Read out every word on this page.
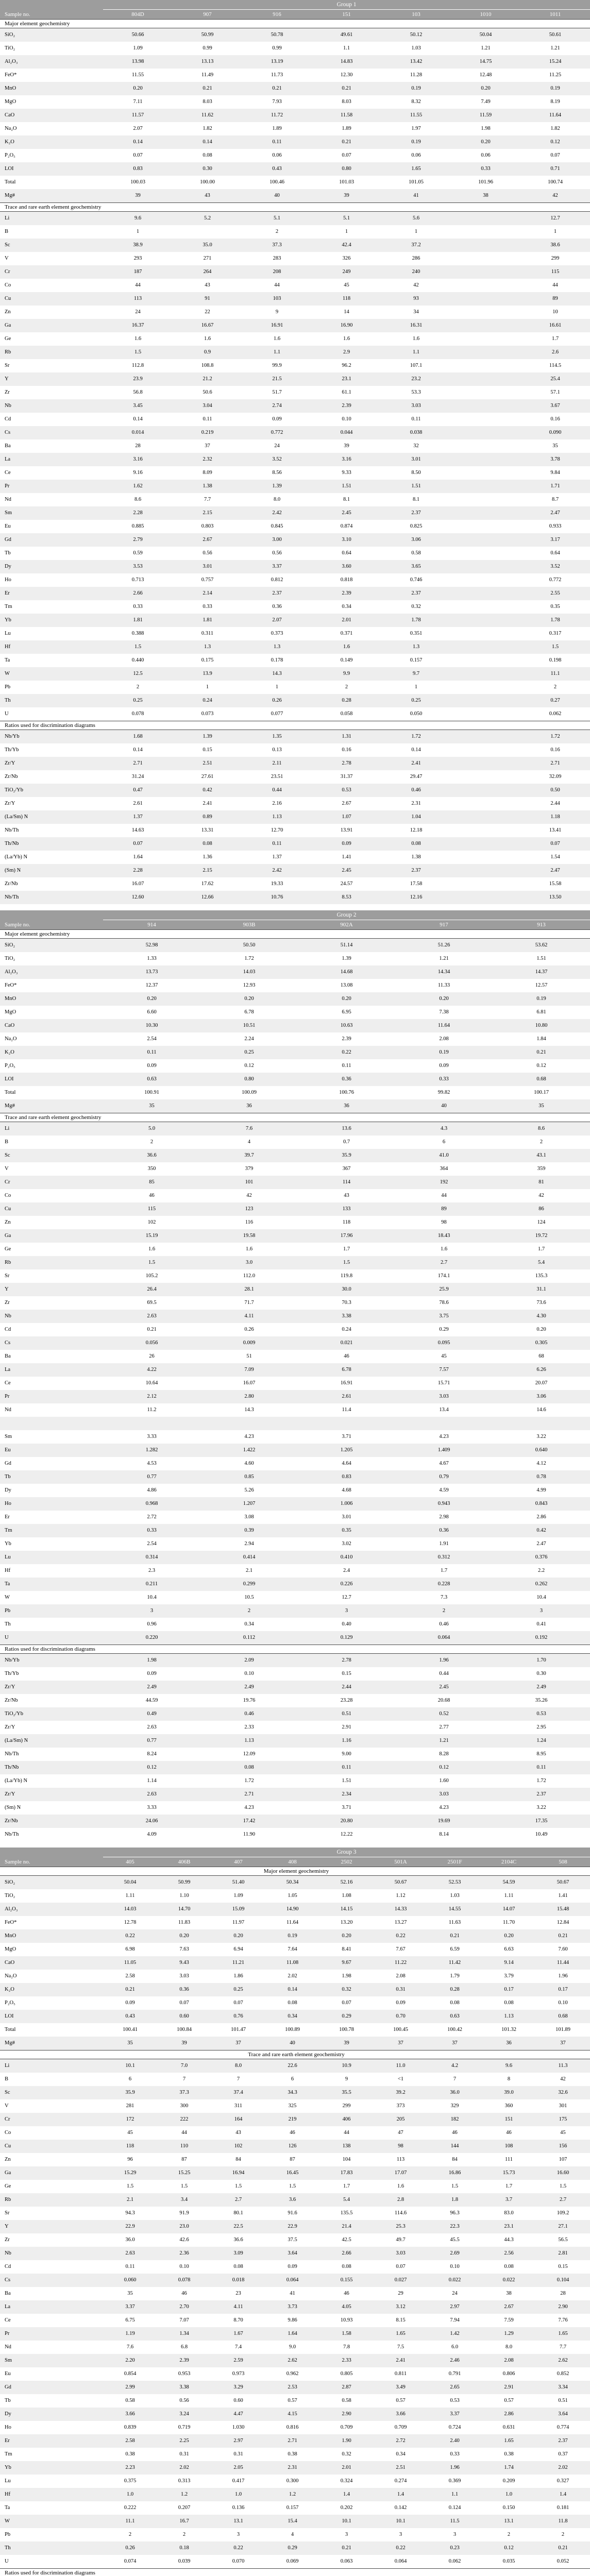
	Group 1						
Sample no.	804D	907	916	151	103	1010	1011
Major element geochemistry							
SiO₂	50.66	50.99	50.78	49.61	50.12	50.04	50.61
TiO₂	1.09	0.99	0.99	1.1	1.03	1.21	1.21
Al₂O₃	13.98	13.13	13.19	14.83	13.42	14.75	15.24
FeO*	11.55	11.49	11.73	12.30	11.28	12.48	11.25
MnO	0.20	0.21	0.21	0.21	0.19	0.20	0.19
MgO	7.11	8.03	7.93	8.03	8.32	7.49	8.19
CaO	11.57	11.62	11.72	11.58	11.55	11.59	11.64
Na₂O	2.07	1.82	1.89	1.89	1.97	1.98	1.82
K₂O	0.14	0.14	0.11	0.21	0.19	0.20	0.12
P₂O₅	0.07	0.08	0.06	0.07	0.06	0.06	0.07
LOI	0.83	0.30	0.43	0.80	1.65	0.33	0.71
Total	100.03	100.00	100.46	101.03	101.05	101.96	100.74
Mg#	39	43	40	39	41	38	42
Trace and rare earth element geochemistry							
Li	9.6	5.2	5.1	5.1	5.6		12.7
B	1		2	1	1		1
Sc	38.9	35.0	37.3	42.4	37.2		38.6
V	293	271	283	326	286		299
Cr	187	264	208	249	240		115
Co	44	43	44	45	42		44
Cu	113	91	103	118	93		89
Zn	24	22	9	14	34		10
Ga	16.37	16.67	16.91	16.90	16.31		16.61
Ge	1.6	1.6	1.6	1.6	1.6		1.7
Rb	1.5	0.9	1.1	2.9	1.1		2.6
Sr	112.8	108.8	99.9	96.2	107.1		114.5
Y	23.9	21.2	21.5	23.1	23.2		25.4
Zr	56.8	50.6	51.7	61.1	53.3		57.1
Nb	3.45	3.04	2.74	2.39	3.03		3.67
Cd	0.14	0.11	0.09	0.10	0.11		0.16
Cs	0.014	0.219	0.772	0.044	0.038		0.090
Ba	28	37	24	39	32		35
La	3.16	2.32	3.52	3.16	3.01		3.78
Ce	9.16	8.09	8.56	9.33	8.50		9.84
Pr	1.62	1.38	1.39	1.51	1.51		1.71
Nd	8.6	7.7	8.0	8.1	8.1		8.7
Sm	2.28	2.15	2.42	2.45	2.37		2.47
Eu	0.885	0.803	0.845	0.874	0.825		0.933
Gd	2.79	2.67	3.00	3.10	3.06		3.17
Tb	0.59	0.56	0.56	0.64	0.58		0.64
Dy	3.53	3.01	3.37	3.60	3.65		3.52
Ho	0.713	0.757	0.812	0.818	0.746		0.772
Er	2.66	2.14	2.37	2.39	2.37		2.55
Tm	0.33	0.33	0.36	0.34	0.32		0.35
Yb	1.81	1.81	2.07	2.01	1.78		1.78
Lu	0.388	0.311	0.373	0.371	0.351		0.317
Hf	1.5	1.3	1.3	1.6	1.3		1.5
Ta	0.440	0.175	0.178	0.149	0.157		0.198
W	12.5	13.9	14.3	9.9	9.7		11.1
Pb	2	1	1	2	1		2
Th	0.25	0.24	0.26	0.28	0.25		0.27
U	0.078	0.073	0.077	0.058	0.050		0.062
Ratios used for discrimination diagrams							
Nb/Yb	1.68	1.39	1.35	1.31	1.72		1.72
Th/Yb	0.14	0.15	0.13	0.16	0.14		0.16
Zr/Y	2.71	2.51	2.11	2.78	2.41		2.71
Zr/Nb	31.24	27.61	23.51	31.37	29.47		32.09
TiO₂/Yb	0.47	0.42	0.44	0.53	0.46		0.50
Zr/Y	2.61	2.41	2.16	2.67	2.31		2.44
(La/Sm) N	1.37	0.89	1.13	1.07	1.04		1.18
Nb/Th	14.63	13.31	12.70	13.91	12.18		13.41
Th/Nb	0.07	0.08	0.11	0.09	0.08		0.07
(La/Yb) N	1.64	1.36	1.37	1.41	1.38		1.54
(Sm) N	2.28	2.15	2.42	2.45	2.37		2.47
Zr/Nb	16.07	17.62	19.33	24.57	17.58		15.58
Nb/Th	12.60	12.66	10.76	8.53	12.16		13.50

	Group 2				
Sample no.	914	903B	902A	917	913
Major element geochemistry					
SiO₂	52.98	50.50	51.14	51.26	53.62
TiO₂	1.33	1.72	1.39	1.21	1.51
Al₂O₃	13.73	14.03	14.68	14.34	14.37
FeO*	12.37	12.93	13.08	11.33	12.57
MnO	0.20	0.20	0.20	0.20	0.19
MgO	6.60	6.78	6.95	7.38	6.81
CaO	10.30	10.51	10.63	11.64	10.80
Na₂O	2.54	2.24	2.39	2.08	1.84
K₂O	0.11	0.25	0.22	0.19	0.21
P₂O₅	0.09	0.12	0.11	0.09	0.12
LOI	0.63	0.80	0.36	0.33	0.68
Total	100.91	100.09	100.76	99.82	100.17
Mg#	35	36	36	40	35
Trace and rare earth element geochemistry					
Li	5.0	7.6	13.6	4.3	8.6
B	2	4	0.7	6	2
Sc	36.6	39.7	35.9	41.0	43.1
V	350	379	367	364	359
Cr	85	101	114	192	81
Co	46	42	43	44	42
Cu	115	123	133	89	86
Zn	102	116	118	98	124
Ga	15.19	19.58	17.96	18.43	19.72
Ge	1.6	1.6	1.7	1.6	1.7
Rb	1.5	3.0	1.5	2.7	5.4
Sr	105.2	112.0	119.8	174.1	135.3
Y	26.4	28.1	30.0	25.9	31.1
Zr	69.5	71.7	70.3	78.6	73.6
Nb	2.63	4.11	3.38	3.75	4.30
Cd	0.21	0.26	0.24	0.29	0.20
Cs	0.056	0.009	0.021	0.095	0.305
Ba	26	51	46	45	68
La	4.22	7.09	6.78	7.57	6.26
Ce	10.64	16.07	16.91	15.71	20.07
Pr	2.12	2.80	2.61	3.03	3.06
Nd	11.2	14.3	11.4	13.4	14.6

Sm	3.33	4.23	3.71	4.23	3.22
Eu	1.282	1.422	1.205	1.409	0.640
Gd	4.53	4.60	4.64	4.67	4.12
Tb	0.77	0.85	0.83	0.79	0.78
Dy	4.86	5.26	4.68	4.59	4.99
Ho	0.968	1.207	1.006	0.943	0.843
Er	2.72	3.08	3.01	2.98	2.86
Tm	0.33	0.39	0.35	0.36	0.42
Yb	2.54	2.94	3.02	1.91	2.47
Lu	0.314	0.414	0.410	0.312	0.376
Hf	2.3	2.1	2.4	1.7	2.2
Ta	0.211	0.299	0.226	0.228	0.262
W	10.4	10.5	12.7	7.3	10.4
Pb	3	2	3	2	3
Th	0.96	0.34	0.40	0.46	0.41
U	0.220	0.112	0.129	0.064	0.192
Ratios used for discrimination diagrams					
Nb/Yb	1.98	2.09	2.78	1.96	1.70
Th/Yb	0.09	0.10	0.15	0.44	0.30
Zr/Y	2.49	2.49	2.44	2.45	2.49
Zr/Nb	44.59	19.76	23.28	20.68	35.26
TiO₂/Yb	0.49	0.46	0.51	0.52	0.53
Zr/Y	2.63	2.33	2.91	2.77	2.95
(La/Sm) N	0.77	1.13	1.16	1.21	1.24
Nb/Th	8.24	12.09	9.00	8.28	8.95
Th/Nb	0.12	0.08	0.11	0.12	0.11
(La/Yb) N	1.14	1.72	1.51	1.60	1.72
Zr/Y	2.63	2.71	2.34	3.03	2.37
(Sm) N	3.33	4.23	3.71	4.23	3.22
Zr/Nb	24.06	17.42	20.80	19.69	17.35
Nb/Th	4.09	11.90	12.22	8.14	10.49

	Group 3								
Sample no.	405	406B	407	408	2502	501A	2501F	2104C	508
Major element geochemistry									
SiO₂	50.04	50.99	51.40	50.34	52.16	50.67	52.53	54.59	50.67
TiO₂	1.11	1.10	1.09	1.05	1.08	1.12	1.03	1.11	1.41
Al₂O₃	14.03	14.70	15.09	14.90	14.15	14.33	14.55	14.07	15.48
FeO*	12.78	11.83	11.97	11.64	13.20	13.27	11.63	11.70	12.84
MnO	0.22	0.20	0.20	0.19	0.20	0.22	0.21	0.20	0.21
MgO	6.98	7.63	6.94	7.64	8.41	7.67	6.59	6.63	7.60
CaO	11.05	9.43	11.21	11.08	9.67	11.22	11.42	9.14	11.44
Na₂O	2.58	3.03	1.86	2.02	1.98	2.08	1.79	3.79	1.96
K₂O	0.21	0.36	0.25	0.14	0.32	0.31	0.28	0.17	0.17
P₂O₅	0.09	0.07	0.07	0.08	0.07	0.09	0.08	0.08	0.10
LOI	0.43	0.60	0.76	0.34	0.29	0.70	0.63	1.13	0.68
Total	100.41	100.84	101.47	100.89	100.78	100.45	100.42	101.32	101.89
Mg#	35	39	37	40	39	37	37	36	37
Trace and rare earth element geochemistry									
Li	10.1	7.0	8.0	22.6	10.9	11.0	4.2	9.6	11.3
B	6	7	7	6	9	<1	7	8	42
Sc	35.9	37.3	37.4	34.3	35.5	39.2	36.0	39.0	32.6
V	281	300	311	325	299	373	329	360	301
Cr	172	222	164	219	406	205	182	151	175
Co	45	44	43	46	44	47	46	46	45
Cu	118	110	102	126	138	98	144	108	156
Zn	96	87	84	87	104	113	84	111	107
Ga	15.29	15.25	16.94	16.45	17.83	17.07	16.86	15.73	16.60
Ge	1.5	1.5	1.5	1.5	1.7	1.6	1.5	1.7	1.5
Rb	2.1	3.4	2.7	3.6	5.4	2.8	1.8	3.7	2.7
Sr	94.3	91.9	80.1	91.6	135.5	114.6	96.3	83.0	109.2
Y	22.9	23.0	22.5	22.9	21.4	25.3	22.3	23.1	27.1
Zr	36.0	42.6	36.6	37.5	42.5	49.7	45.5	44.3	56.5
Nb	2.63	2.36	3.09	3.64	2.66	3.03	2.69	2.56	2.81
Cd	0.11	0.10	0.08	0.09	0.08	0.07	0.10	0.08	0.15
Cs	0.060	0.078	0.018	0.064	0.155	0.027	0.022	0.022	0.104
Ba	35	46	23	41	46	29	24	38	28
La	3.37	2.70	4.11	3.73	4.05	3.12	2.97	2.67	2.90
Ce	6.75	7.07	8.70	9.86	10.93	8.15	7.94	7.59	7.76
Pr	1.19	1.34	1.67	1.64	1.58	1.65	1.42	1.29	1.65
Nd	7.6	6.8	7.4	9.0	7.8	7.5	6.0	8.0	7.7
Sm	2.20	2.39	2.59	2.62	2.33	2.41	2.46	2.08	2.62
Eu	0.854	0.953	0.973	0.962	0.805	0.811	0.791	0.806	0.852
Gd	2.99	3.38	3.29	2.53	2.87	3.49	2.65	2.91	3.34
Tb	0.58	0.56	0.60	0.57	0.58	0.57	0.53	0.57	0.51
Dy	3.66	3.24	4.47	4.15	2.90	3.66	3.37	2.86	3.64
Ho	0.839	0.719	1.030	0.816	0.709	0.709	0.724	0.631	0.774
Er	2.58	2.25	2.97	2.71	1.90	2.72	2.40	1.65	2.37
Tm	0.38	0.31	0.31	0.38	0.32	0.34	0.33	0.38	0.37
Yb	2.23	2.02	2.05	2.31	2.01	2.51	1.96	1.74	2.02
Lu	0.375	0.313	0.417	0.300	0.324	0.274	0.369	0.209	0.327
Hf	1.0	1.2	1.0	1.2	1.4	1.4	1.1	1.0	1.4
Ta	0.222	0.207	0.136	0.157	0.202	0.142	0.124	0.150	0.181
W	11.1	16.7	13.1	15.4	10.1	10.1	11.5	13.1	11.8
Pb	2	2	3	4	3	3	3	2	2
Th	0.26	0.18	0.22	0.29	0.21	0.22	0.23	0.12	0.21
U	0.074	0.039	0.070	0.069	0.063	0.064	0.062	0.035	0.052
Ratios used for discrimination diagrams									
